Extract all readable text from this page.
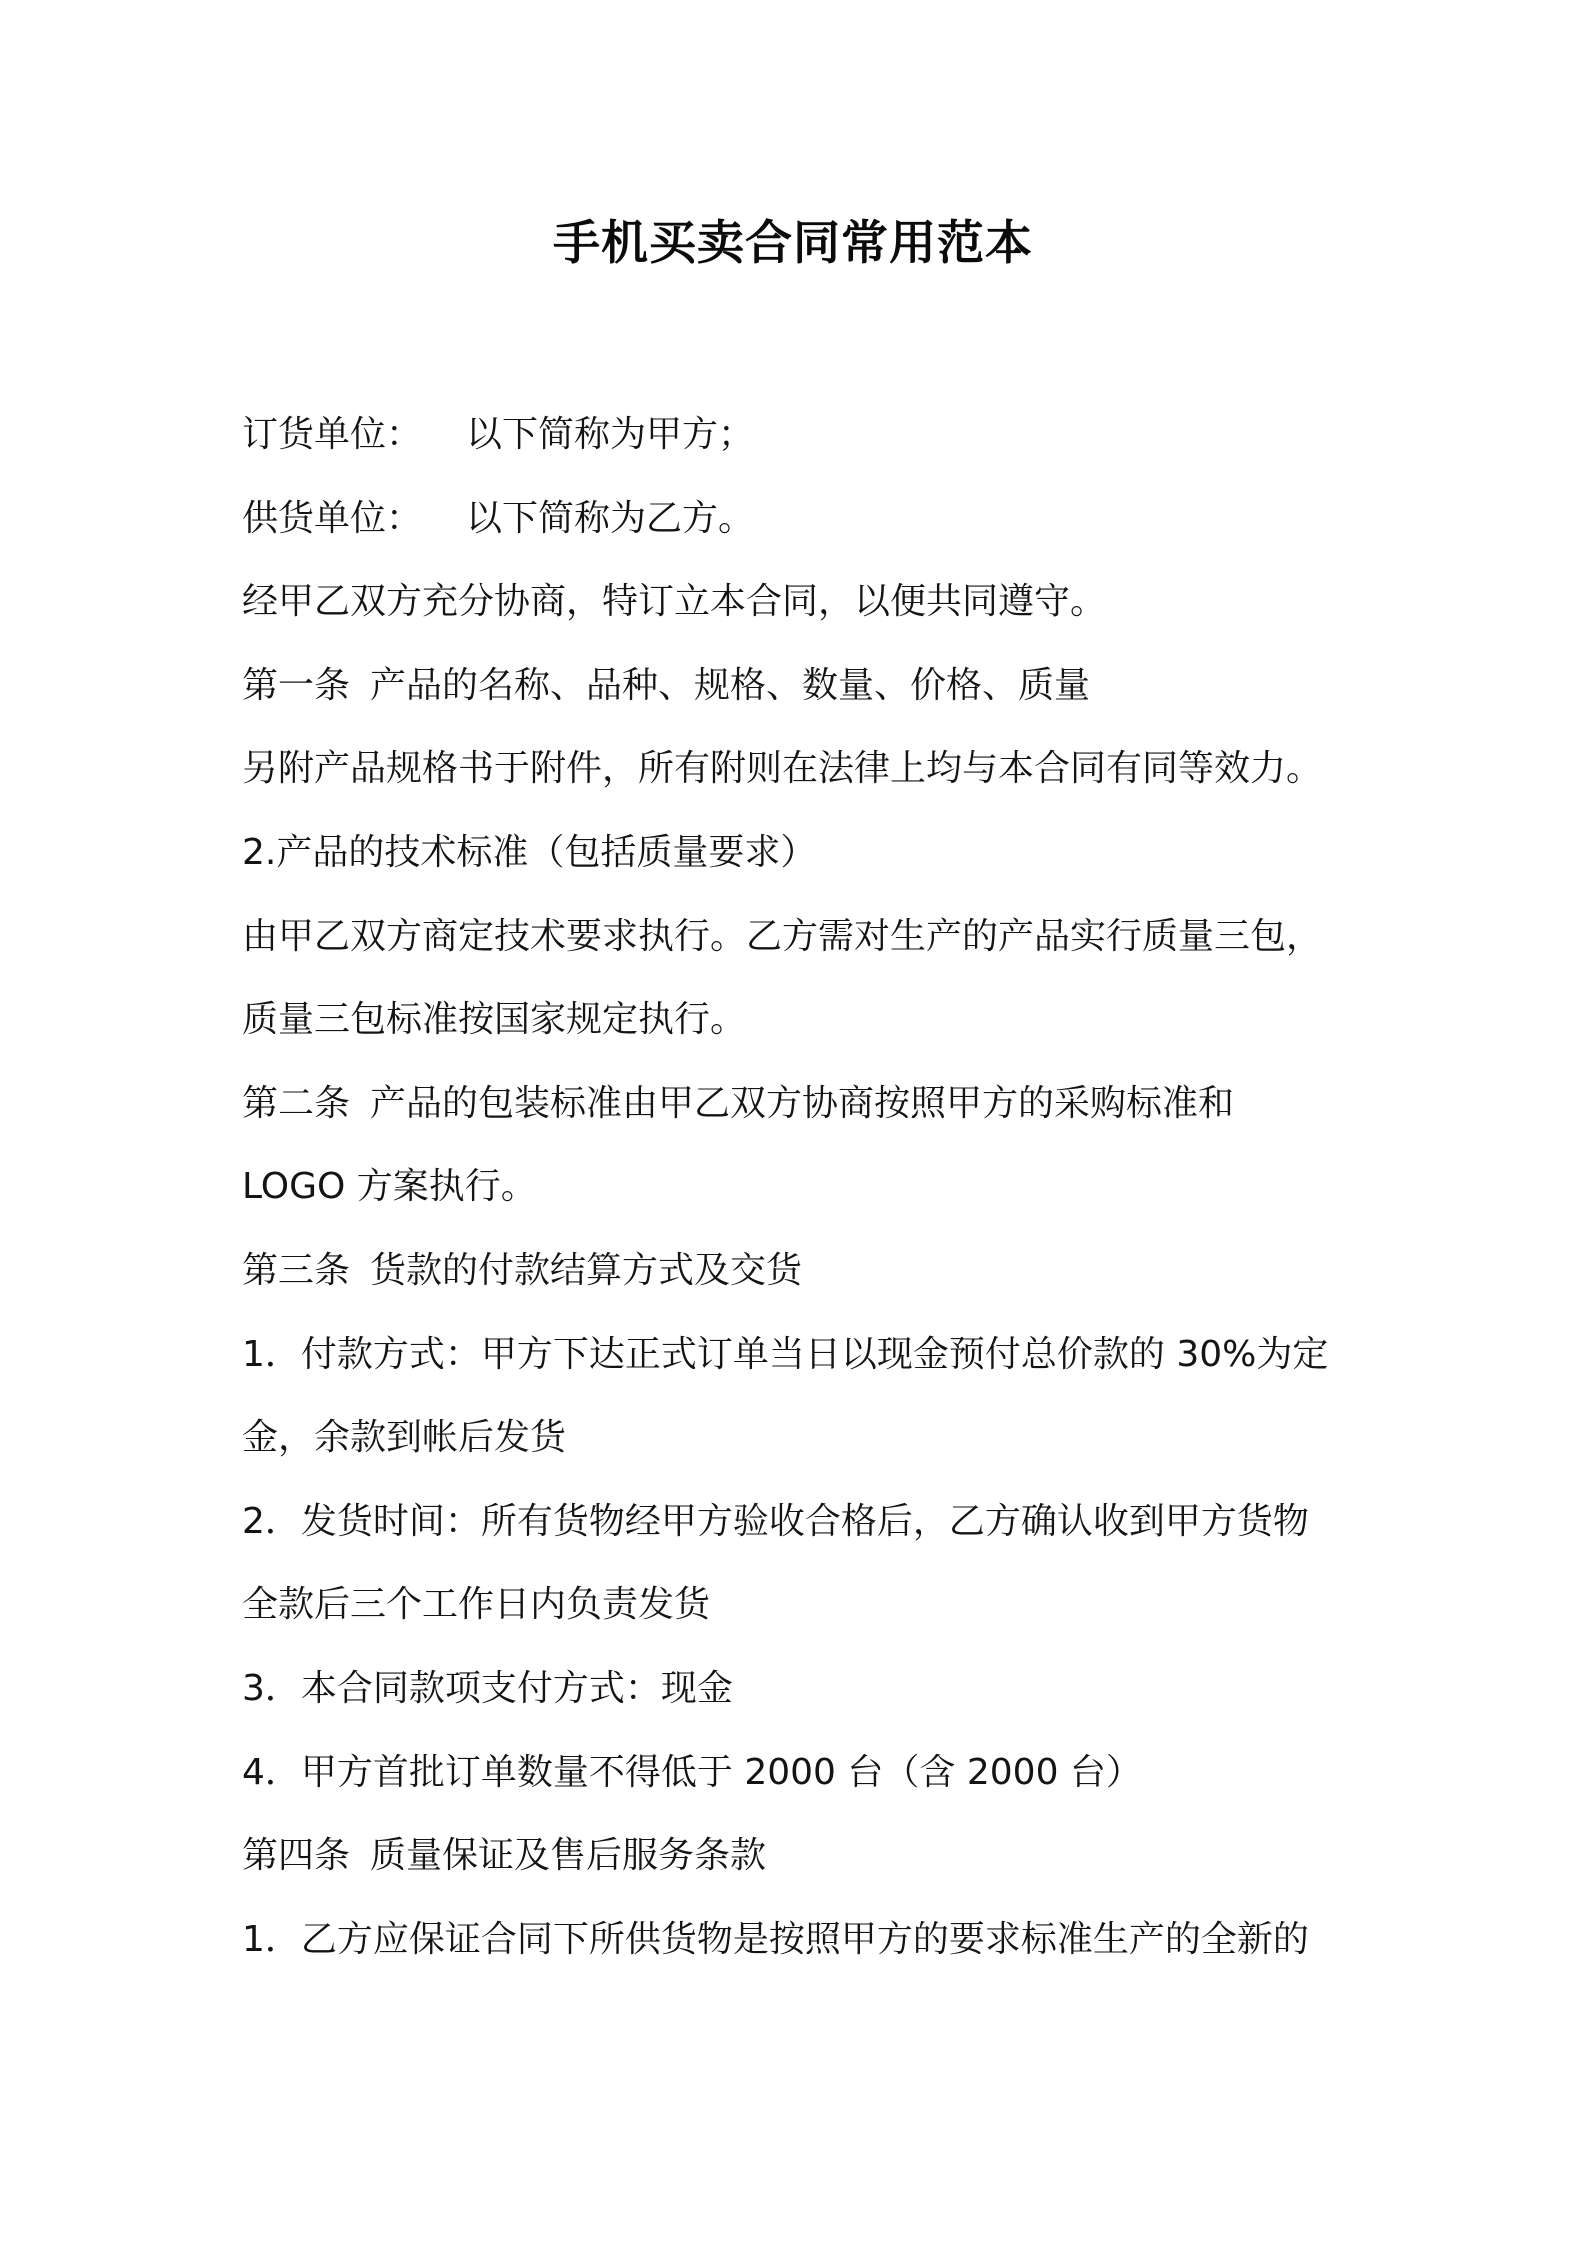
手机买卖合同常用范本
订货单位： 以下简称为甲方；
供货单位： 以下简称为乙方。
经甲乙双方充分协商，特订立本合同，以便共同遵守。
第一条 产品的名称、品种、规格、数量、价格、质量
另附产品规格书于附件，所有附则在法律上均与本合同有同等效力。
2.产品的技术标准（包括质量要求）
由甲乙双方商定技术要求执行。乙方需对生产的产品实行质量三包，
质量三包标准按国家规定执行。
第二条 产品的包装标准由甲乙双方协商按照甲方的采购标准和
LOGO 方案执行。
第三条 货款的付款结算方式及交货
1．付款方式：甲方下达正式订单当日以现金预付总价款的 30%为定
金，余款到帐后发货
2．发货时间：所有货物经甲方验收合格后，乙方确认收到甲方货物
全款后三个工作日内负责发货
3．本合同款项支付方式：现金
4．甲方首批订单数量不得低于 2000 台（含 2000 台）
第四条 质量保证及售后服务条款
1．乙方应保证合同下所供货物是按照甲方的要求标准生产的全新的
